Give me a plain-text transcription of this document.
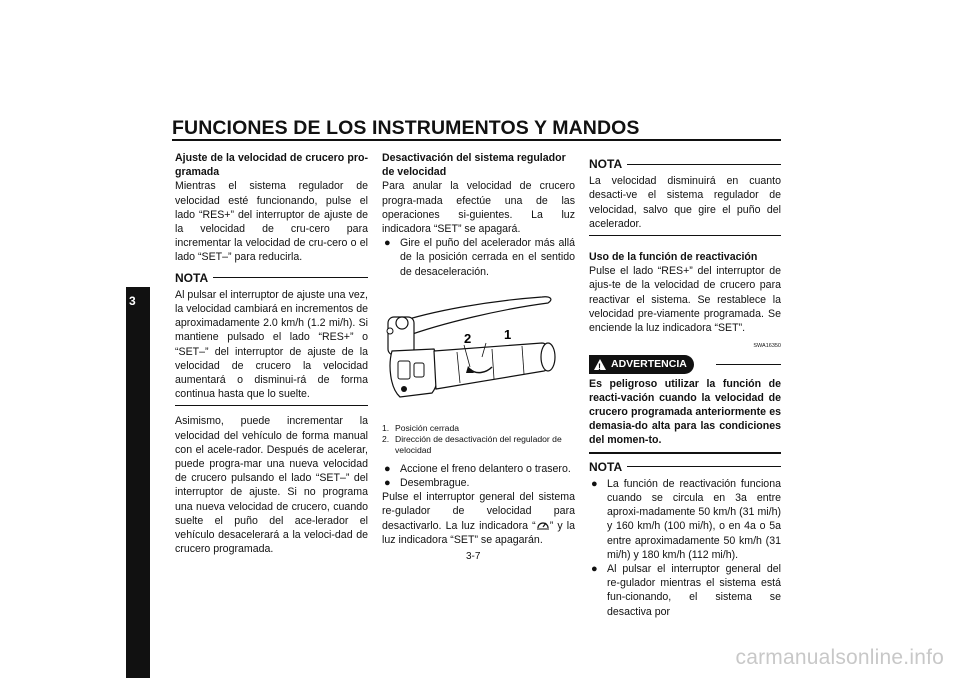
FUNCIONES DE LOS INSTRUMENTOS Y MANDOS
3

Ajuste de la velocidad de crucero pro-gramada

Mientras el sistema regulador de velocidad esté funcionando, pulse el lado “RES+” del interruptor de ajuste de la velocidad de cru-cero para incrementar la velocidad de cru-cero o el lado “SET–” para reducirla.

NOTA

Al pulsar el interruptor de ajuste una vez, la velocidad cambiará en incrementos de aproximadamente 2.0 km/h (1.2 mi/h). Si mantiene pulsado el lado “RES+” o “SET–” del interruptor de ajuste de la velocidad de crucero la velocidad aumentará o disminui-rá de forma continua hasta que lo suelte.

Asimismo, puede incrementar la velocidad del vehículo de forma manual con el acele-rador. Después de acelerar, puede progra-mar una nueva velocidad de crucero pulsando el lado “SET–” del interruptor de ajuste. Si no programa una nueva velocidad de crucero, cuando suelte el puño del ace-lerador el vehículo desacelerará a la veloci-dad de crucero programada.

Desactivación del sistema regulador de velocidad

Para anular la velocidad de crucero progra-mada efectúe una de las operaciones si-guientes. La luz indicadora “SET” se apagará.

● Gire el puño del acelerador más allá de la posición cerrada en el sentido de desaceleración.
2	1
1. Posición cerrada
2. Dirección de desactivación del regulador de velocidad
● Accione el freno delantero o trasero.
● Desembrague.

Pulse el interruptor general del sistema re-gulador de velocidad para desactivarlo. La luz indicadora “ ” y la luz indicadora “SET” se apagarán.

NOTA

La velocidad disminuirá en cuanto desacti-ve el sistema regulador de velocidad, salvo que gire el puño del acelerador.

Uso de la función de reactivación

Pulse el lado “RES+” del interruptor de ajus-te de la velocidad de crucero para reactivar el sistema. Se restablece la velocidad pre-viamente programada. Se enciende la luz indicadora “SET”.

SWA16350
! ADVERTENCIA

Es peligroso utilizar la función de reacti-vación cuando la velocidad de crucero programada anteriormente es demasia-do alta para las condiciones del momen-to.

NOTA
● La función de reactivación funciona cuando se circula en 3a entre aproxi-madamente 50 km/h (31 mi/h) y 160 km/h (100 mi/h), o en 4a o 5a entre aproximadamente 50 km/h (31 mi/h) y 180 km/h (112 mi/h).
● Al pulsar el interruptor general del re-gulador mientras el sistema está fun-cionando, el sistema se desactiva por
3-7
carmanualsonline.info
